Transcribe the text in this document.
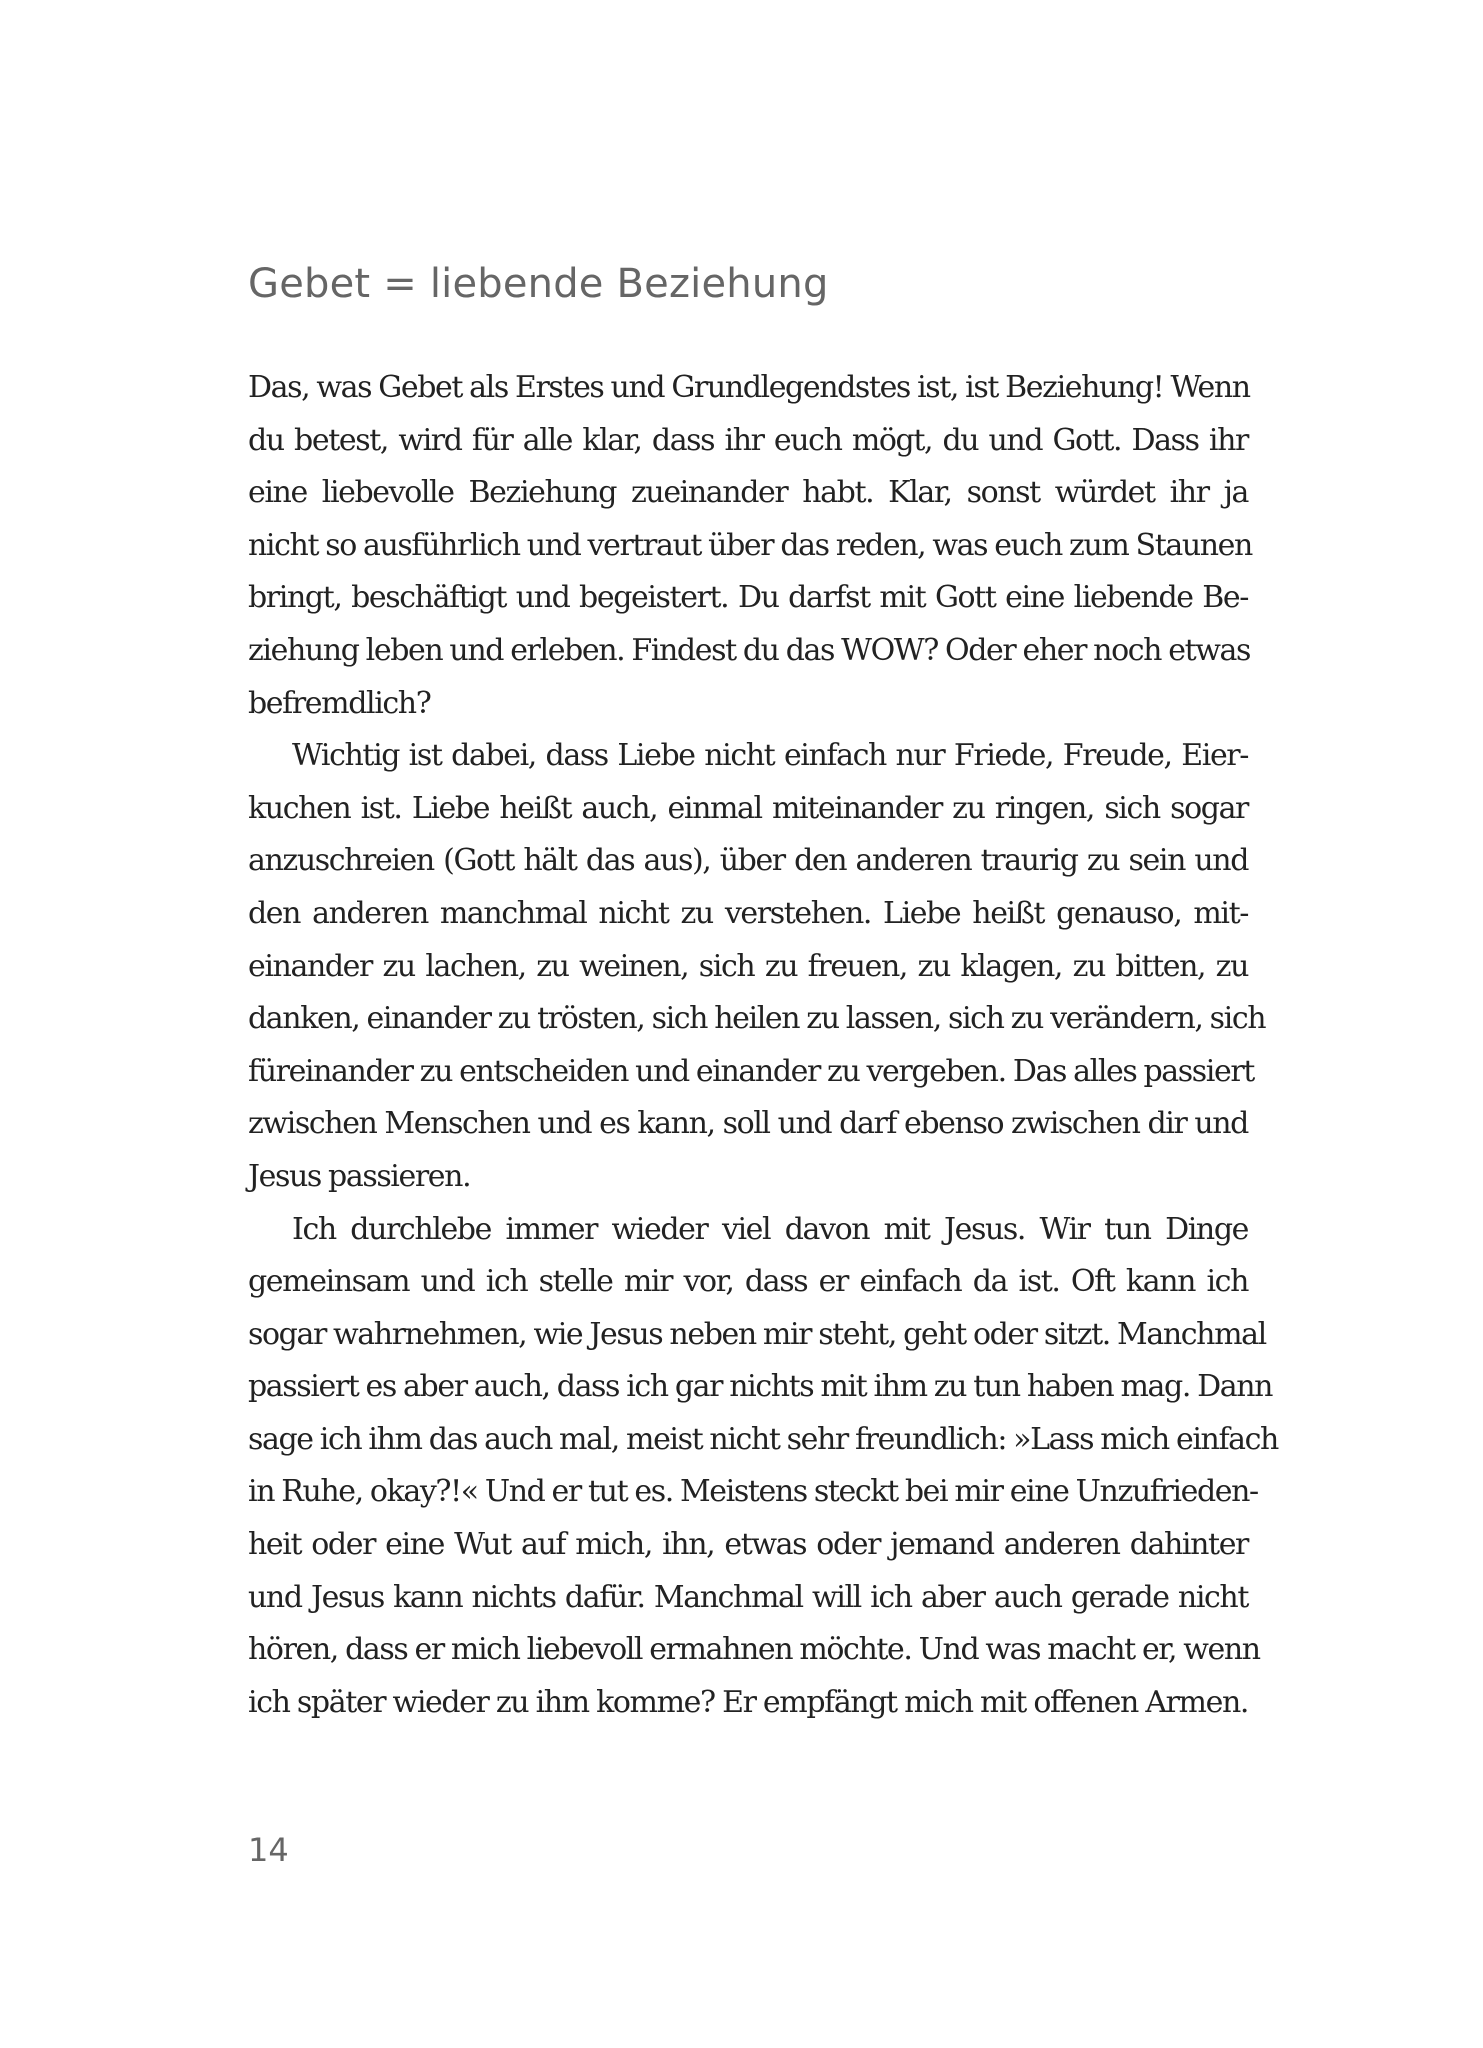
Gebet = liebende Beziehung
Das, was Gebet als Erstes und Grundlegendstes ist, ist Beziehung! Wenn
du betest, wird für alle klar, dass ihr euch mögt, du und Gott. Dass ihr
eine liebevolle Beziehung zueinander habt. Klar, sonst würdet ihr ja
nicht so ausführlich und vertraut über das reden, was euch zum Staunen
bringt, beschäftigt und begeistert. Du darfst mit Gott eine liebende Be-
ziehung leben und erleben. Findest du das WOW? Oder eher noch etwas
befremdlich?
Wichtig ist dabei, dass Liebe nicht einfach nur Friede, Freude, Eier-
kuchen ist. Liebe heißt auch, einmal miteinander zu ringen, sich sogar
anzuschreien (Gott hält das aus), über den anderen traurig zu sein und
den anderen manchmal nicht zu verstehen. Liebe heißt genauso, mit-
einander zu lachen, zu weinen, sich zu freuen, zu klagen, zu bitten, zu
danken, einander zu trösten, sich heilen zu lassen, sich zu verändern, sich
füreinander zu entscheiden und einander zu vergeben. Das alles passiert
zwischen Menschen und es kann, soll und darf ebenso zwischen dir und
Jesus passieren.
Ich durchlebe immer wieder viel davon mit Jesus. Wir tun Dinge
gemeinsam und ich stelle mir vor, dass er einfach da ist. Oft kann ich
sogar wahrnehmen, wie Jesus neben mir steht, geht oder sitzt. Manchmal
passiert es aber auch, dass ich gar nichts mit ihm zu tun haben mag. Dann
sage ich ihm das auch mal, meist nicht sehr freundlich: »Lass mich einfach
in Ruhe, okay?!« Und er tut es. Meistens steckt bei mir eine Unzufrieden-
heit oder eine Wut auf mich, ihn, etwas oder jemand anderen dahinter
und Jesus kann nichts dafür. Manchmal will ich aber auch gerade nicht
hören, dass er mich liebevoll ermahnen möchte. Und was macht er, wenn
ich später wieder zu ihm komme? Er empfängt mich mit offenen Armen.
14
